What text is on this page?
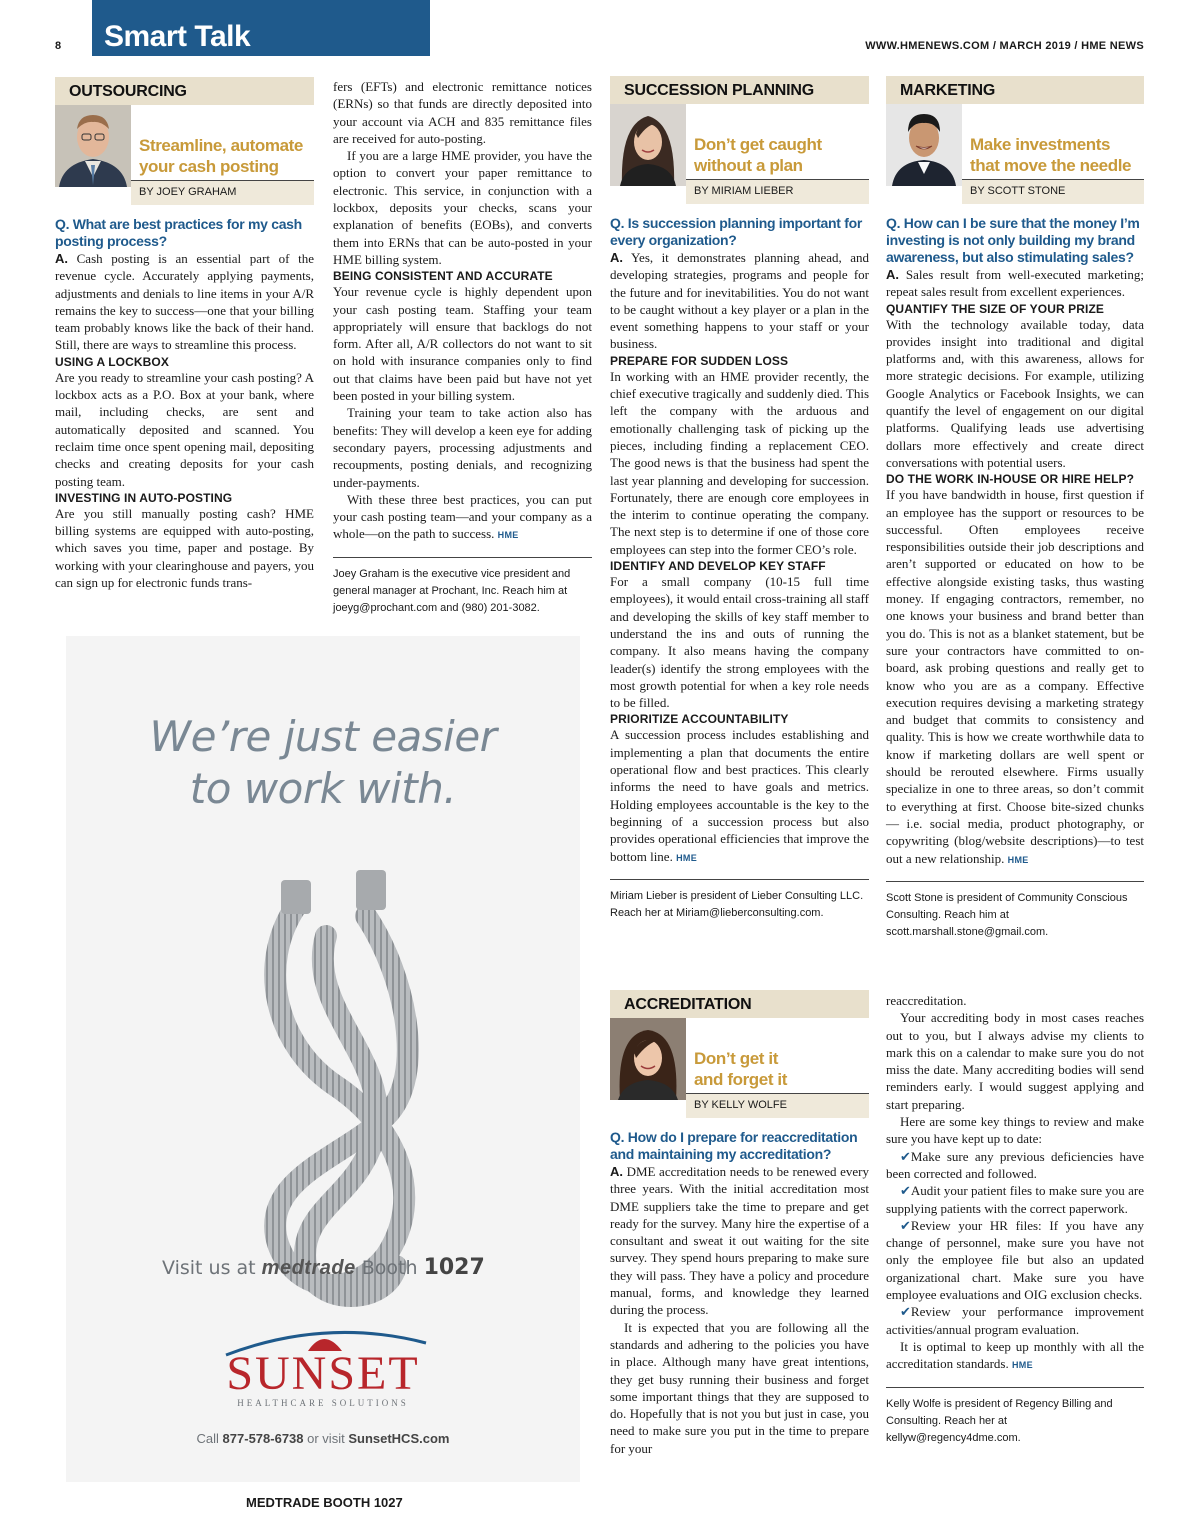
8 Smart Talk	WWW.HMENEWS.COM / MARCH 2019 / HME NEWS
OUTSOURCING
Streamline, automate
your cash posting
BY JOEY GRAHAM
Q. What are best practices for my cash posting process?

A. Cash posting is an essential part of the revenue cycle. Accurately applying payments, adjustments and denials to line items in your A/R remains the key to success—one that your billing team probably knows like the back of their hand. Still, there are ways to streamline this process.

USING A LOCKBOX

Are you ready to streamline your cash posting? A lockbox acts as a P.O. Box at your bank, where mail, including checks, are sent and automatically deposited and scanned. You reclaim time once spent opening mail, depositing checks and creating deposits for your cash posting team.

INVESTING IN AUTO-POSTING

Are you still manually posting cash? HME billing systems are equipped with auto-posting, which saves you time, paper and postage. By working with your clearinghouse and payers, you can sign up for electronic funds trans-

fers (EFTs) and electronic remittance notices (ERNs) so that funds are directly deposited into your account via ACH and 835 remittance files are received for auto-posting.

If you are a large HME provider, you have the option to convert your paper remittance to electronic. This service, in conjunction with a lockbox, deposits your checks, scans your explanation of benefits (EOBs), and converts them into ERNs that can be auto-posted in your HME billing system.

BEING CONSISTENT AND ACCURATE

Your revenue cycle is highly dependent upon your cash posting team. Staffing your team appropriately will ensure that backlogs do not form. After all, A/R collectors do not want to sit on hold with insurance companies only to find out that claims have been paid but have not yet been posted in your billing system.

Training your team to take action also has benefits: They will develop a keen eye for adding secondary payers, processing adjustments and recoupments, posting denials, and recognizing under-payments.

With these three best practices, you can put your cash posting team—and your company as a whole—on the path to success. HME

Joey Graham is the executive vice president and general manager at Prochant, Inc. Reach him at joeyg@prochant.com and (980) 201-3082.
SUCCESSION PLANNING
Don’t get caught
without a plan
BY MIRIAM LIEBER
Q. Is succession planning important for every organization?

A. Yes, it demonstrates planning ahead, and developing strategies, programs and people for the future and for inevitabilities. You do not want to be caught without a key player or a plan in the event something happens to your staff or your business.

PREPARE FOR SUDDEN LOSS

In working with an HME provider recently, the chief executive tragically and suddenly died. This left the company with the arduous and emotionally challenging task of picking up the pieces, including finding a replacement CEO. The good news is that the business had spent the last year planning and developing for succession. Fortunately, there are enough core employees in the interim to continue operating the company. The next step is to determine if one of those core employees can step into the former CEO’s role.

IDENTIFY AND DEVELOP KEY STAFF

For a small company (10-15 full time employees), it would entail cross-training all staff and developing the skills of key staff member to understand the ins and outs of running the company. It also means having the company leader(s) identify the strong employees with the most growth potential for when a key role needs to be filled.

PRIORITIZE ACCOUNTABILITY

A succession process includes establishing and implementing a plan that documents the entire operational flow and best practices. This clearly informs the need to have goals and metrics. Holding employees accountable is the key to the beginning of a succession process but also provides operational efficiencies that improve the bottom line. HME

Miriam Lieber is president of Lieber Consulting LLC. Reach her at Miriam@lieberconsulting.com.
MARKETING
Make investments
that move the needle
BY SCOTT STONE
Q. How can I be sure that the money I’m investing is not only building my brand awareness, but also stimulating sales?

A. Sales result from well-executed marketing; repeat sales result from excellent experiences.

QUANTIFY THE SIZE OF YOUR PRIZE

With the technology available today, data provides insight into traditional and digital platforms and, with this awareness, allows for more strategic decisions. For example, utilizing Google Analytics or Facebook Insights, we can quantify the level of engagement on our digital platforms. Qualifying leads use advertising dollars more effectively and create direct conversations with potential users.

DO THE WORK IN-HOUSE OR HIRE HELP?

If you have bandwidth in house, first question if an employee has the support or resources to be successful. Often employees receive responsibilities outside their job descriptions and aren’t supported or educated on how to be effective alongside existing tasks, thus wasting money. If engaging contractors, remember, no one knows your business and brand better than you do. This is not as a blanket statement, but be sure your contractors have committed to on-board, ask probing questions and really get to know who you are as a company. Effective execution requires devising a marketing strategy and budget that commits to consistency and quality. This is how we create worthwhile data to know if marketing dollars are well spent or should be rerouted elsewhere. Firms usually specialize in one to three areas, so don’t commit to everything at first. Choose bite-sized chunks— i.e. social media, product photography, or copywriting (blog/website descriptions)—to test out a new relationship. HME

Scott Stone is president of Community Conscious Consulting. Reach him at scott.marshall.stone@gmail.com.
ACCREDITATION
Don’t get it
and forget it
BY KELLY WOLFE
Q. How do I prepare for reaccreditation and maintaining my accreditation?

A. DME accreditation needs to be renewed every three years. With the initial accreditation most DME suppliers take the time to prepare and get ready for the survey. Many hire the expertise of a consultant and sweat it out waiting for the site survey. They spend hours preparing to make sure they will pass. They have a policy and procedure manual, forms, and knowledge they learned during the process.

It is expected that you are following all the standards and adhering to the policies you have in place. Although many have great intentions, they get busy running their business and forget some important things that they are supposed to do. Hopefully that is not you but just in case, you need to make sure you put in the time to prepare for your

reaccreditation.

Your accrediting body in most cases reaches out to you, but I always advise my clients to mark this on a calendar to make sure you do not miss the date. Many accrediting bodies will send reminders early. I would suggest applying and start preparing.

Here are some key things to review and make sure you have kept up to date:

✔Make sure any previous deficiencies have been corrected and followed.

✔Audit your patient files to make sure you are supplying patients with the correct paperwork.

✔Review your HR files: If you have any change of personnel, make sure you have not only the employee file but also an updated organizational chart. Make sure you have employee evaluations and OIG exclusion checks.

✔Review your performance improvement activities/annual program evaluation.

It is optimal to keep up monthly with all the accreditation standards. HME

Kelly Wolfe is president of Regency Billing and Consulting. Reach her at kellyw@regency4dme.com.
We’re just easier
to work with.
Visit us at medtrade Booth 1027
SUNSET
HEALTHCARE SOLUTIONS
Call 877-578-6738 or visit SunsetHCS.com
MEDTRADE BOOTH 1027
